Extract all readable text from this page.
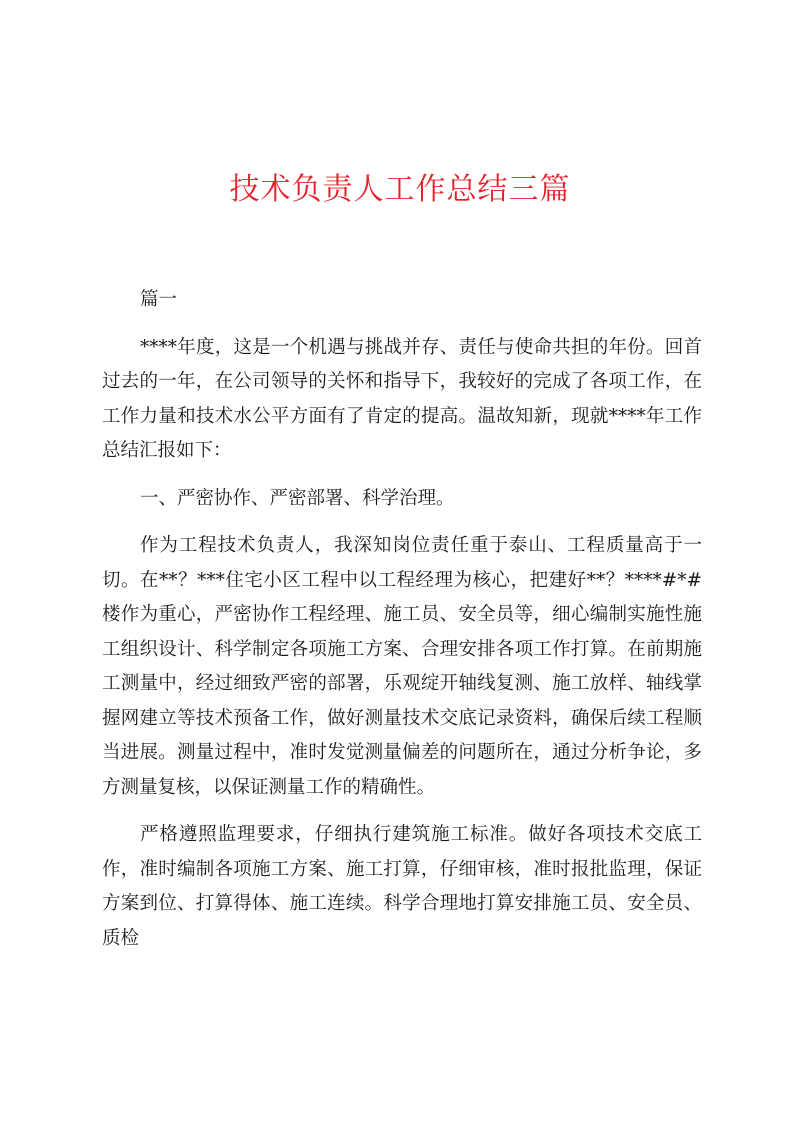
技术负责人工作总结三篇

篇一

****年度，这是一个机遇与挑战并存、责任与使命共担的年份。回首过去的一年，在公司领导的关怀和指导下，我较好的完成了各项工作，在工作力量和技术水公平方面有了肯定的提高。温故知新，现就****年工作总结汇报如下：

一、严密协作、严密部署、科学治理。

作为工程技术负责人，我深知岗位责任重于泰山、工程质量高于一切。在**？***住宅小区工程中以工程经理为核心，把建好**？****#*#楼作为重心，严密协作工程经理、施工员、安全员等，细心编制实施性施工组织设计、科学制定各项施工方案、合理安排各项工作打算。在前期施工测量中，经过细致严密的部署，乐观绽开轴线复测、施工放样、轴线掌握网建立等技术预备工作，做好测量技术交底记录资料，确保后续工程顺当进展。测量过程中，准时发觉测量偏差的问题所在，通过分析争论，多方测量复核，以保证测量工作的精确性。

严格遵照监理要求，仔细执行建筑施工标准。做好各项技术交底工作，准时编制各项施工方案、施工打算，仔细审核，准时报批监理，保证方案到位、打算得体、施工连续。科学合理地打算安排施工员、安全员、质检
